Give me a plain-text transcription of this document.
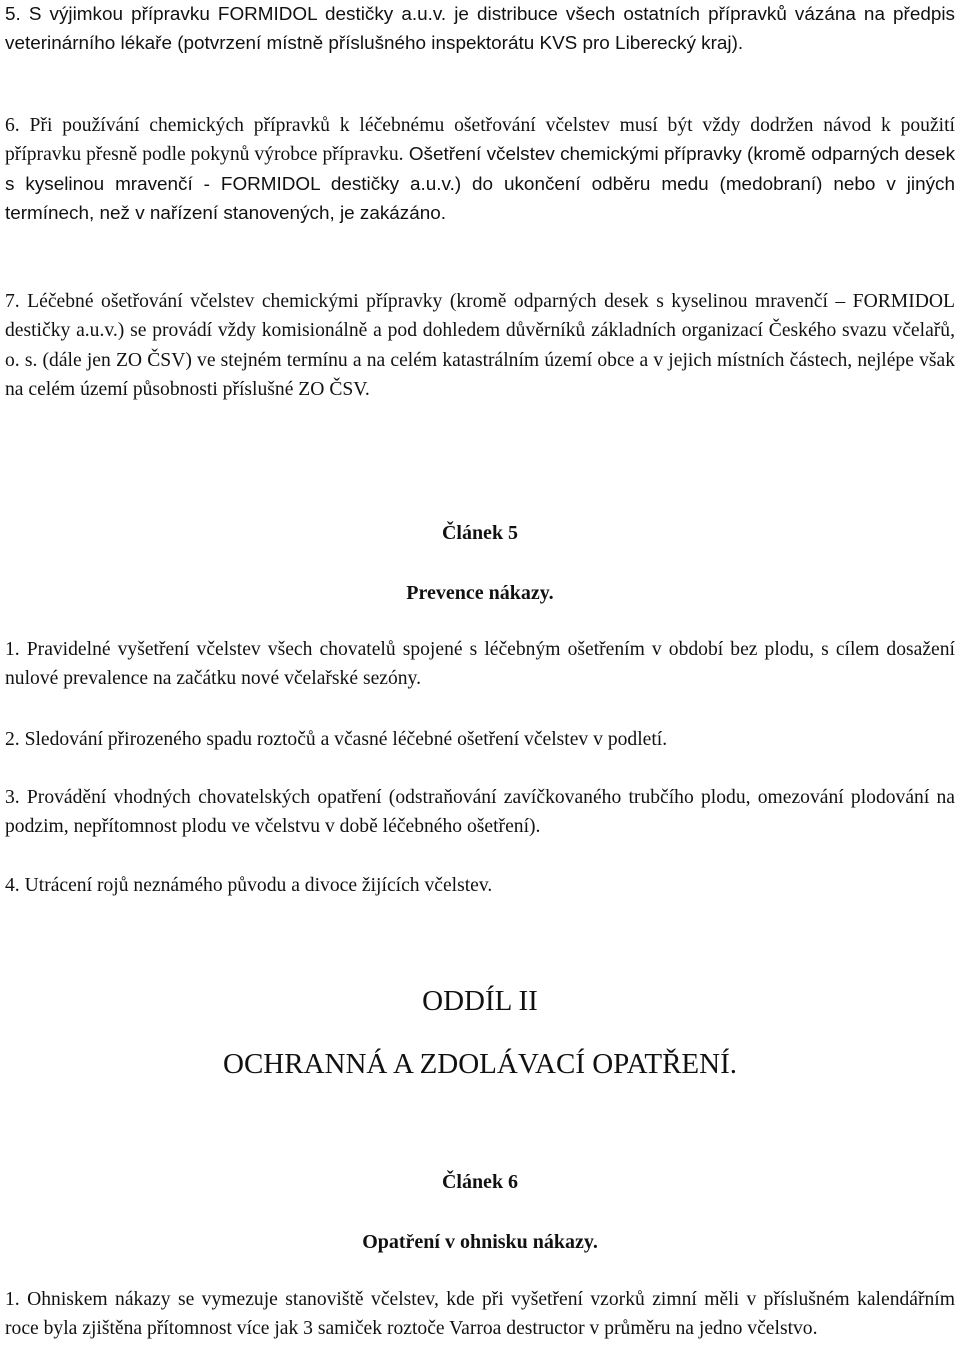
5. S výjimkou přípravku FORMIDOL destičky a.u.v. je distribuce všech ostatních přípravků vázána na předpis veterinárního lékaře (potvrzení místně příslušného inspektorátu KVS pro Liberecký kraj).

6. Při používání chemických přípravků k léčebnému ošetřování včelstev musí být vždy dodržen návod k použití přípravku přesně podle pokynů výrobce přípravku. Ošetření včelstev chemickými přípravky (kromě odparných desek s kyselinou mravenčí - FORMIDOL destičky a.u.v.) do ukončení odběru medu (medobraní) nebo v jiných termínech, než v nařízení stanovených, je zakázáno.

7. Léčebné ošetřování včelstev chemickými přípravky (kromě odparných desek s kyselinou mravenčí – FORMIDOL destičky a.u.v.) se provádí vždy komisionálně a pod dohledem důvěrníků základních organizací Českého svazu včelařů, o. s. (dále jen ZO ČSV) ve stejném termínu a na celém katastrálním území obce a v jejich místních částech, nejlépe však na celém území působnosti příslušné ZO ČSV.

Článek 5
Prevence nákazy.

1. Pravidelné vyšetření včelstev všech chovatelů spojené s léčebným ošetřením v období bez plodu, s cílem dosažení nulové prevalence na začátku nové včelařské sezóny.

2. Sledování přirozeného spadu roztočů a včasné léčebné ošetření včelstev v podletí.

3. Provádění vhodných chovatelských opatření (odstraňování zavíčkovaného trubčího plodu, omezování plodování na podzim, nepřítomnost plodu ve včelstvu v době léčebného ošetření).

4. Utrácení rojů neznámého původu a divoce žijících včelstev.

ODDÍL II
OCHRANNÁ A ZDOLÁVACÍ OPATŘENÍ.
Článek 6
Opatření v ohnisku nákazy.

1. Ohniskem nákazy se vymezuje stanoviště včelstev, kde při vyšetření vzorků zimní měli v příslušném kalendářním roce byla zjištěna přítomnost více jak 3 samiček roztoče Varroa destructor v průměru na jedno včelstvo.
